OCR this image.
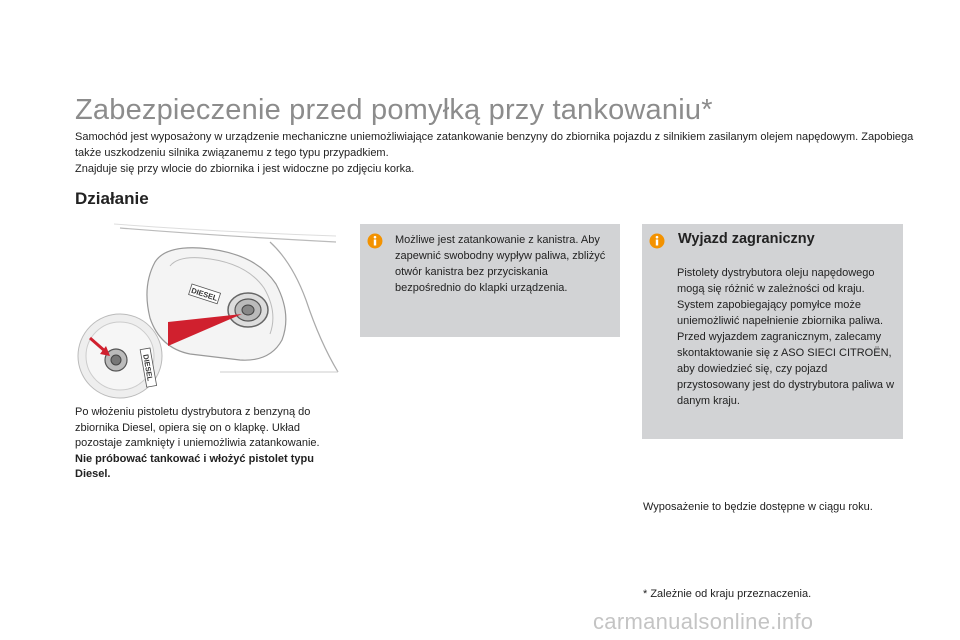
Zabezpieczenie przed pomyłką przy tankowaniu*

Samochód jest wyposażony w urządzenie mechaniczne uniemożliwiające zatankowanie benzyny do zbiornika pojazdu z silnikiem zasilanym olejem napędowym. Zapobiega także uszkodzeniu silnika związanemu z tego typu przypadkiem.

Znajduje się przy wlocie do zbiornika i jest widoczne po zdjęciu korka.

Działanie
DIESEL
DIESEL

Po włożeniu pistoletu dystrybutora z benzyną do zbiornika Diesel, opiera się on o klapkę. Układ pozostaje zamknięty i uniemożliwia zatankowanie.

Nie próbować tankować i włożyć pistolet typu Diesel.

Możliwe jest zatankowanie z kanistra. Aby zapewnić swobodny wypływ paliwa, zbliżyć otwór kanistra bez przyciskania bezpośrednio do klapki urządzenia.
Wyjazd zagraniczny

Pistolety dystrybutora oleju napędowego mogą się różnić w zależności od kraju. System zapobiegający pomyłce może uniemożliwić napełnienie zbiornika paliwa.

Przed wyjazdem zagranicznym, zalecamy skontaktowanie się z ASO SIECI CITROËN, aby dowiedzieć się, czy pojazd przystosowany jest do dystrybutora paliwa w danym kraju.

Wyposażenie to będzie dostępne w ciągu roku.
* Zależnie od kraju przeznaczenia.
carmanualsonline.info
